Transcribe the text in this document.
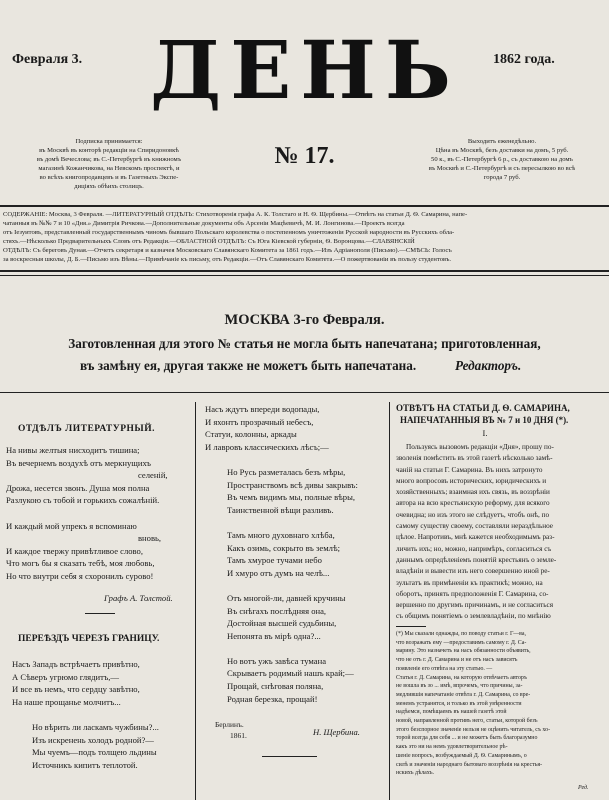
Февраля 3. ДЕНЬ	1862 года.
№ 17.
Подписка принимается:
въ Москвѣ въ конторѣ редакціи на Спиридоновкѣ
въ домѣ Вечеслова; въ С.-Петербургѣ въ книжномъ
магазинѣ Кожанчикова, на Невскомъ проспектѣ, и
во всѣхъ книгопродавцевъ и въ Газетныхъ Экспе-
дицiяхъ обѣихъ столицъ.
Выходитъ еженедѣльно.
Цѣна въ Москвѣ, безъ доставки на домъ, 5 руб.
50 к., въ С.-Петербургѣ 6 р., съ доставкою на домъ
въ Москвѣ и С.-Петербургѣ и съ пересылкою во всѣ
города 7 руб.
СОДЕРЖАНІЕ: Москва, 3 Февраля. —ЛИТЕРАТУРНЫЙ ОТДѢЛЪ: Стихотворенія графа А. К. Толстаго и Н. Ѳ. Щербины.—Отвѣтъ на статьи Д. Ѳ. Самарина, напе-
чатанныя въ №№ 7 и 10 «Дня.» Димитрія Ричкова.—Дополнительные документы объ Арсеніи Мацѣевичѣ, М. И. Лонгинова.—Проектъ всегда
отъ Іезуитовъ, представленный государственнымъ чиномъ бывшаго Польскаго королевства о постепенномъ уничтоженіи Русской народности въ Русскихъ обла-
стяхъ.—Нѣсколько Предварительныхъ Словъ отъ Редакціи.—ОБЛАСТНОЙ ОТДѢЛЪ: Съ Юга Кіевской губерніи, Ѳ. Воронцова.—СЛАВЯНСКІЙ
ОТДѢЛЪ: Съ береговъ Дуная.—Отчетъ секретаря и казначея Московскаго Славянскаго Комитета за 1861 годъ.—Изъ Адріанополя (Письмо).—СМѢСЬ: Голосъ
за воскресныя школы, Д. Б.—Письмо изъ Вѣны.—Примѣчаніе къ письму, отъ Редакціи.—Отъ Славянскаго Комитета.—О пожертвованіи въ пользу студентовъ.
МОСКВА 3-го Февраля.
Заготовленная для этого № статья не могла быть напечатана; приготовленная,
въ замѣну ея, другая также не можетъ быть напечатана.	Редакторъ.
ОТДѢЛЪ ЛИТЕРАТУРНЫЙ.
На нивы желтыя нисходитъ тишина;
Въ вечернемъ воздухѣ отъ меркнущихъ
селеній,
Дрожа, несется звонъ. Душа моя полна
Разлукою съ тобой и горькихъ сожалѣній.

И каждый мой упрекъ я вспоминаю
вновь,
И каждое твержу привѣтливое слово,
Что могъ бы я сказать тебѣ, моя любовь,
Но что внутри себя я схоронилъ сурово!
Графъ А. Толстой.
ПЕРЕѢЗДЪ ЧЕРЕЗЪ ГРАНИЦУ.
Насъ Западъ встрѣчаетъ привѣтно,
А Сѣверъ угрюмо глядитъ,—
И все въ немъ, что сердцу завѣтно,
На наше прощанье молчитъ...

Но вѣрить ли ласкамъ чужбины?...
Изъ искренень холодъ родной?—
Мы чуемъ—подъ толщею льдины
Источникъ кипитъ теплотой.
Насъ ждутъ впереди водопады,
И яхонтъ прозрачный небесъ,
Статуи, колонны, аркады
И лавровъ классическихъ лѣсъ;—

Но Русь разметалась безъ мѣры,
Пространствомъ всѣ дивы закрывъ:
Въ чемъ видимъ мы, полные вѣры,
Таинственной вѣщи разливъ.

Тамъ много духовнаго хлѣба,
Какъ озимь, сокрыто въ землѣ;
Тамъ хмурое тучами небо
И хмуро отъ думъ на челѣ...

Отъ многой-ли, давней кручины
Въ снѣгахъ послѣдняя она,
Достойная высшей судьбины,
Непонята въ мірѣ одна?...

Но вотъ ужъ завѣса тумана
Скрываетъ родимый нашъ край;—
Прощай, снѣговая поляна,
Родная березка, прощай!
Берлинъ.
1861.	Н. Щербина.
ОТВѢТЪ НА СТАТЬИ Д. Ѳ. САМАРИНА,
НАПЕЧАТАННЫЯ ВЪ № 7 и 10 ДНЯ (*).
I.
Пользуясь вызовомъ редакціи «Дня», прошу по-
зволенія помѣстить въ этой газетѣ нѣсколько замѣ-
чаній на статьи Г. Самарина. Въ нихъ затронуто
много вопросовъ исторических, юридическихъ и
хозяйственныхъ; взаимная ихъ связь, въ воззрѣніи
автора на всю крестьянскую реформу, для всякого
очевидна; но изъ этого не слѣдуетъ, чтобъ онѣ, по
самому существу своему, составляли нераздѣльное
цѣлое. Напротивъ, мнѣ кажется необходимымъ раз-
личить ихъ; но, можно, напримѣръ, согласиться съ
даннымъ опредѣленіемъ понятій крестьянъ о земле-
владѣніи и вывести изъ него совершенно иной ре-
зультатъ въ примѣненіи къ практикѣ; можно, на
оборотъ, принять предположенія Г. Самарина, со-
вершенно по другимъ причинамъ, и не согласиться
съ общимъ понятіемъ о землевладѣніи, по мнѣнію
(*) Мы сказали однажды, по поводу статьи г. Г—ва,
что возражать ему —предоставимъ самому г. Д. Са-
марину. Это назначеть на насъ обязанности объявить,
что не отъ г. Д. Самарина и не отъ насъ зависятъ
появленіе его отвѣта на эту статью. —
Статья г. Д. Самарина, на которую отвѣчаетъ авторъ
не вошла въ зо ... имѣ, впрочемъ, что причины, за-
медлившія напечатаніе отвѣта г. Д. Самарина, со вре-
менемъ устранятся, и только въ этой увѣренности
надѣемся, помѣщаемъ въ нашей газетѣ этой
новой, направленной противъ него, статьи, которой безъ
этого безспорное значеніе нельзя не оцѣнить читатель, съ хо-
торой всегда для себя ... и не можетъ быть благоразумно
какъ это ни на немъ удовлетворительное рѣ-
шеніе вопросъ, возбуждаемый Д. Ѳ. Самаринымъ, о
силѣ и значеніи народнаго бытоваго воззрѣнія на крестья-
нскихъ дѣлахъ.
Ред.
